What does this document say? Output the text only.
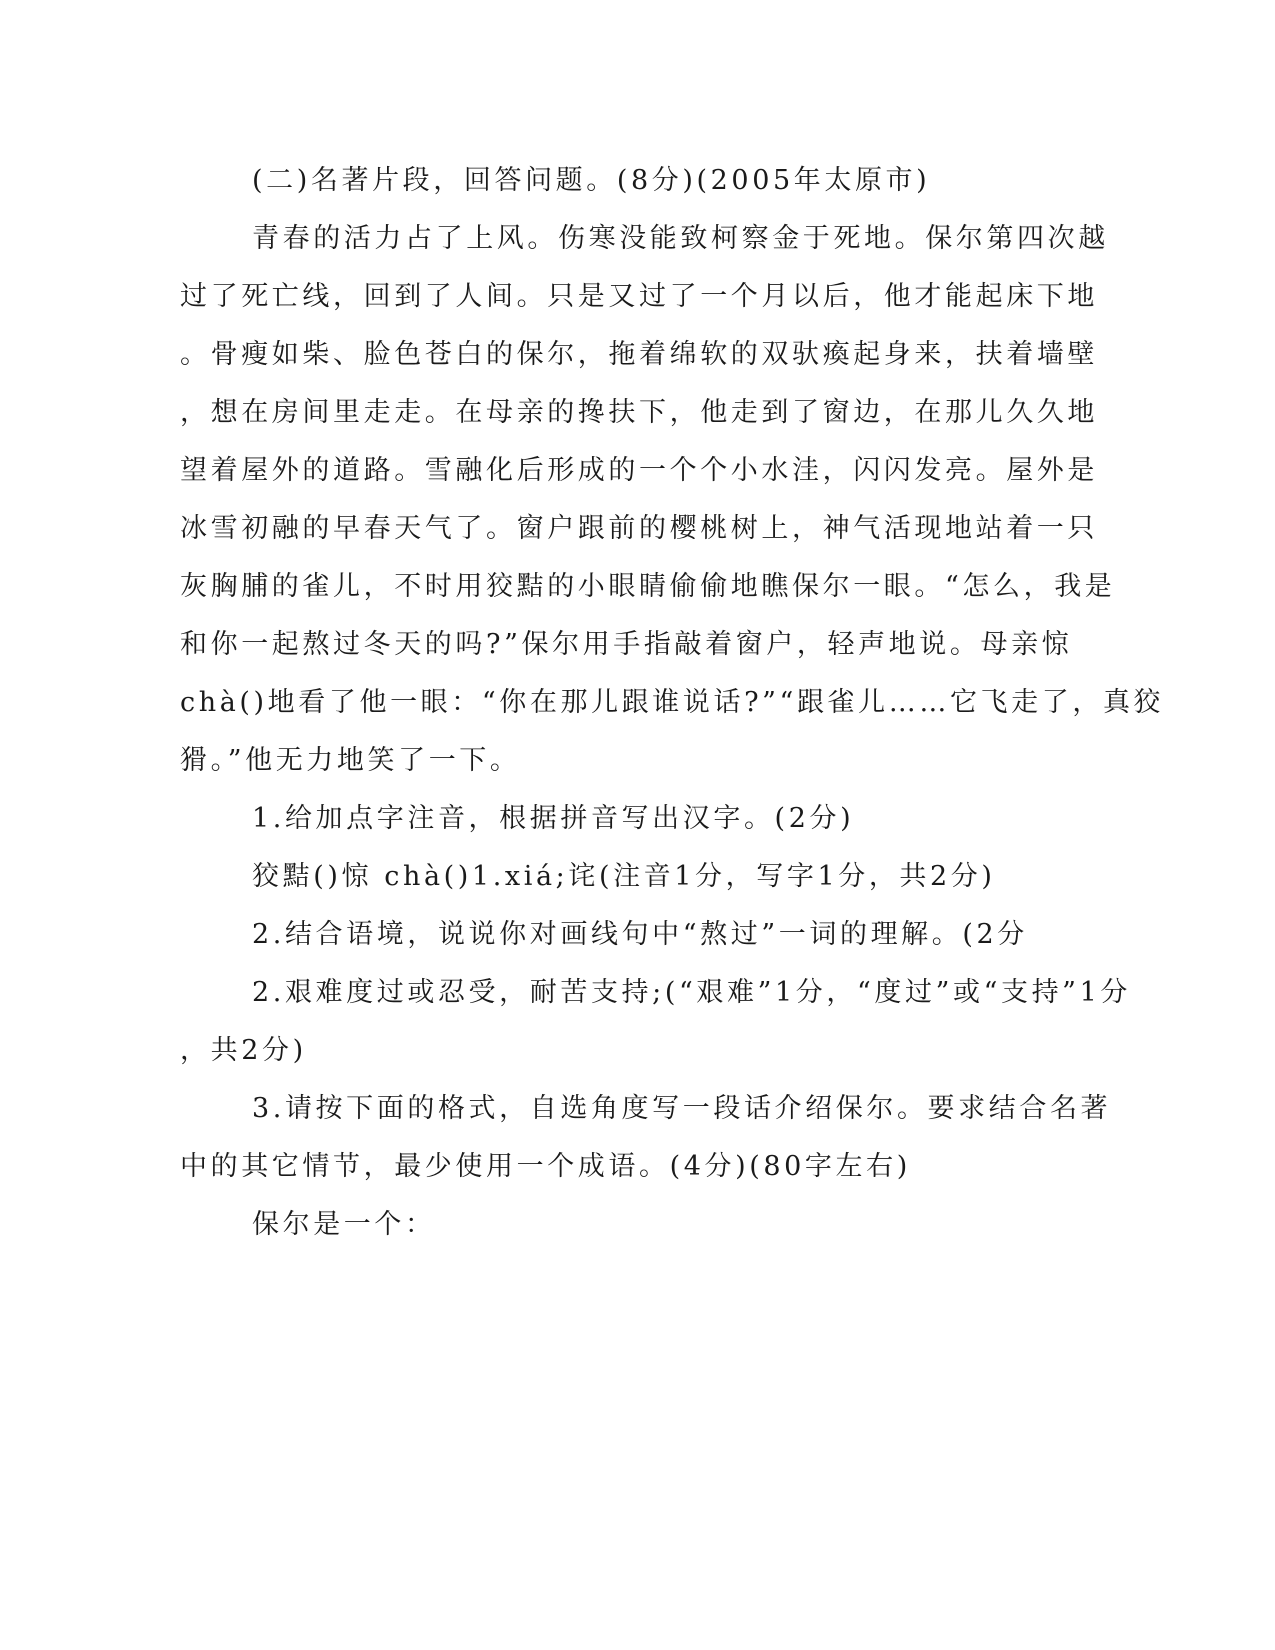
(二)名著片段，回答问题。(8分)(2005年太原市)
青春的活力占了上风。伤寒没能致柯察金于死地。保尔第四次越
过了死亡线，回到了人间。只是又过了一个月以后，他才能起床下地
。骨瘦如柴、脸色苍白的保尔，拖着绵软的双驮瘓起身来，扶着墙壁
，想在房间里走走。在母亲的搀扶下，他走到了窗边，在那儿久久地
望着屋外的道路。雪融化后形成的一个个小水洼，闪闪发亮。屋外是
冰雪初融的早春天气了。窗户跟前的樱桃树上，神气活现地站着一只
灰胸脯的雀儿，不时用狡黠的小眼睛偷偷地瞧保尔一眼。“怎么，我是
和你一起熬过冬天的吗?”保尔用手指敲着窗户，轻声地说。母亲惊
chà()地看了他一眼：“你在那儿跟谁说话?”“跟雀儿……它飞走了，真狡
猾。”他无力地笑了一下。
1.给加点字注音，根据拼音写出汉字。(2分)
狡黠()惊 chà()1.xiá;诧(注音1分，写字1分，共2分)
2.结合语境，说说你对画线句中“熬过”一词的理解。(2分
2.艰难度过或忍受，耐苦支持;(“艰难”1分，“度过”或“支持”1分
，共2分)
3.请按下面的格式，自选角度写一段话介绍保尔。要求结合名著
中的其它情节，最少使用一个成语。(4分)(80字左右)
保尔是一个：
